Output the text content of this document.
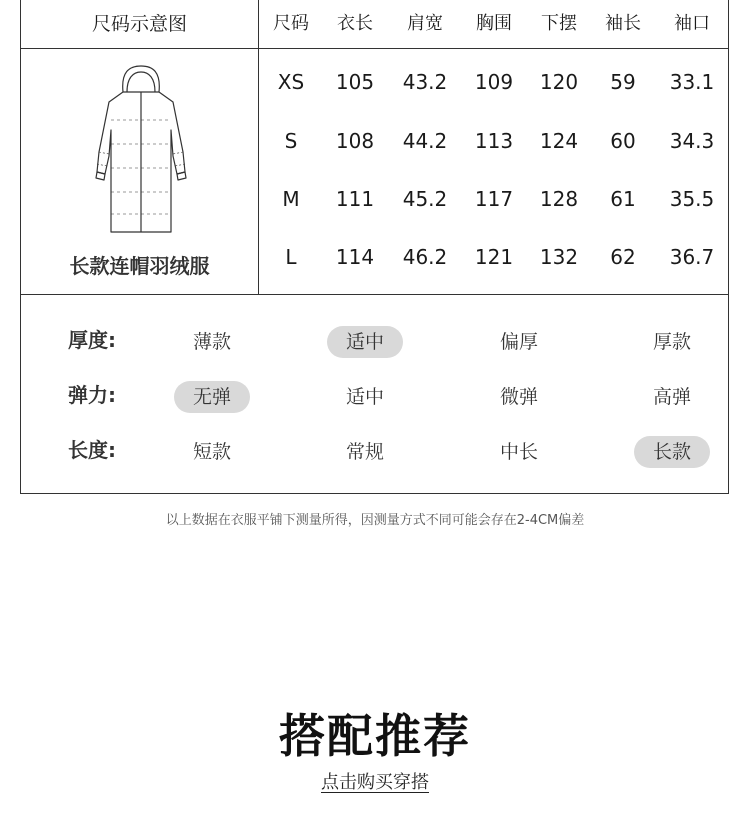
尺码示意图	尺码	衣长	肩宽	胸围	下摆	袖长	袖口
长款连帽羽绒服
XS	105	43.2	109	120	59	33.1
S	108	44.2	113	124	60	34.3
M	111	45.2	117	128	61	35.5
L	114	46.2	121	132	62	36.7
厚度:	薄款	适中	偏厚	厚款
弹力:	无弹	适中	微弹	高弹
长度:	短款	常规	中长	长款
以上数据在衣服平铺下测量所得，因测量方式不同可能会存在2-4CM偏差
搭配推荐
点击购买穿搭
